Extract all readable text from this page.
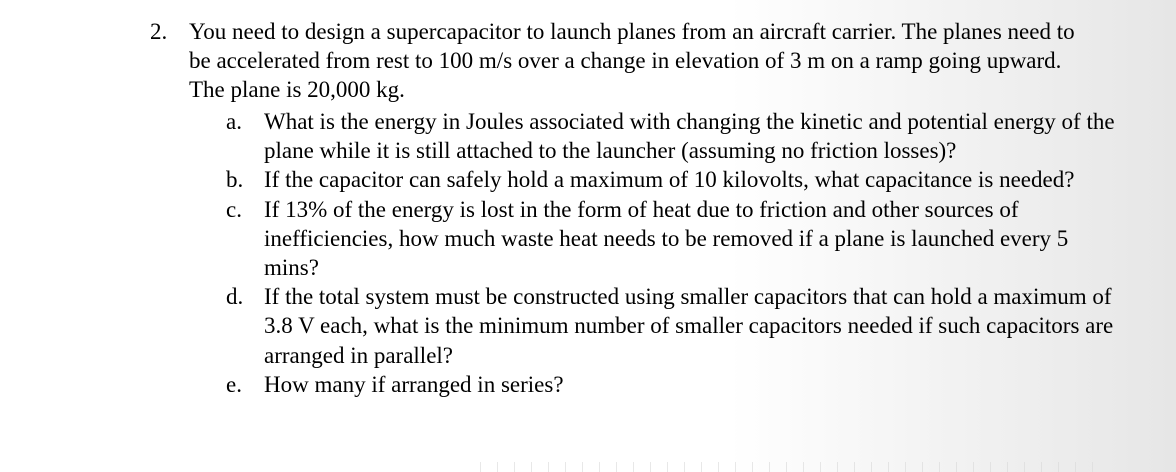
2. You need to design a supercapacitor to launch planes from an aircraft carrier. The planes need to be accelerated from rest to 100 m/s over a change in elevation of 3 m on a ramp going upward. The plane is 20,000 kg.
a. What is the energy in Joules associated with changing the kinetic and potential energy of the plane while it is still attached to the launcher (assuming no friction losses)?
b. If the capacitor can safely hold a maximum of 10 kilovolts, what capacitance is needed?
c. If 13% of the energy is lost in the form of heat due to friction and other sources of inefficiencies, how much waste heat needs to be removed if a plane is launched every 5 mins?
d. If the total system must be constructed using smaller capacitors that can hold a maximum of 3.8 V each, what is the minimum number of smaller capacitors needed if such capacitors are arranged in parallel?
e. How many if arranged in series?
